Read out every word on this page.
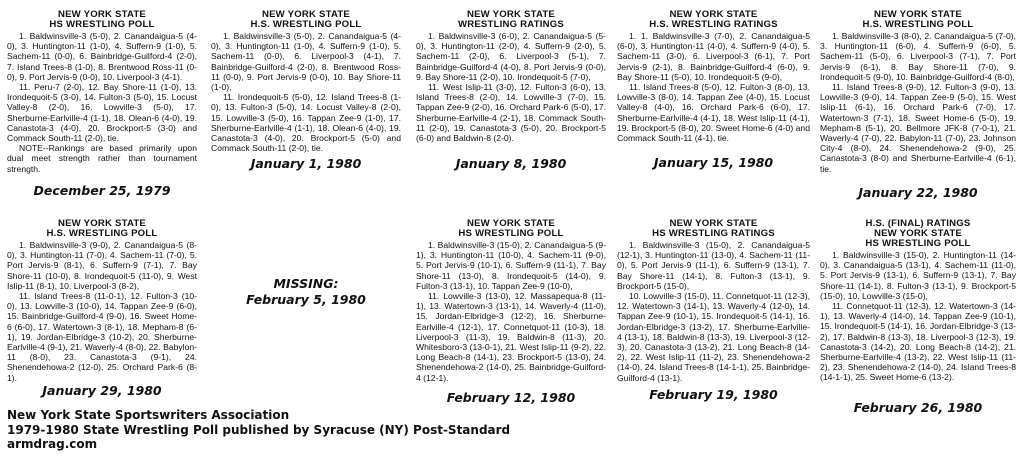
NEW YORK STATE
HS WRESTLING POLL

1. Baldwinsville-3 (5-0), 2. Canandaigua-5 (4-0), 3. Huntington-11 (1-0), 4. Suffern-9 (1-0), 5. Sachem-11 (0-0), 6. Bainbridge-Guilford-4 (2-0), 7. Island Trees-8 (1-0), 8. Brentwood Ross-11 (0-0), 9. Port Jervis-9 (0-0), 10. Liverpool-3 (4-1).

11. Peru-7 (2-0), 12. Bay Shore-11 (1-0), 13. Irondequoit-5 (3-0), 14. Fulton-3 (5-0), 15. Locust Valley-8 (2-0), 16. Lowville-3 (5-0), 17. Sherburne-Earlville-4 (1-1), 18. Olean-6 (4-0), 19. Canastota-3 (4-0), 20. Brockport-5 (3-0) and Commack South-11 (2-0), tie.

NOTE--Rankings are based primarily upon dual meet strength rather than tournament strength.

December 25, 1979
NEW YORK STATE
H.S. WRESTLING POLL

1. Baldwinsville-3 (5-0), 2. Canandaigua-5 (4-0), 3. Huntington-11 (1-0), 4. Suffern-9 (1-0), 5. Sachem-11 (0-0), 6. Liverpool-3 (4-1), 7. Bainbridge-Guilford-4 (2-0), 8. Brentwood Ross-11 (0-0), 9. Port Jervis-9 (0-0), 10. Bay Shore-11 (1-0),

11. Irondequoit-5 (5-0), 12. Island Trees-8 (1-0), 13. Fulton-3 (5-0), 14. Locust Valley-8 (2-0), 15. Lowville-3 (5-0), 16. Tappan Zee-9 (1-0), 17. Sherburne-Earlville-4 (1-1), 18. Olean-6 (4-0), 19. Canastota-3 (4-0), 20. Brockport-5 (5-0) and Commack South-11 (2-0), tie.

January 1, 1980
NEW YORK STATE
WRESTLING RATINGS

1. Baldwinsville-3 (6-0), 2. Canandaigua-5 (5-0), 3. Huntington-11 (2-0), 4. Suffern-9 (2-0), 5. Sachem-11 (2-0), 6. Liverpool-3 (5-1), 7. Bainbridge-Guilford-4 (4-0), 8. Port Jervis-9 (0-0), 9. Bay Shore-11 (2-0), 10. Irondequoit-5 (7-0),

11. West Islip-11 (3-0), 12. Fulton-3 (6-0), 13. Island Trees-8 (2-0), 14. Lowville-3 (7-0), 15. Tappan Zee-9 (2-0), 16. Orchard Park-6 (5-0), 17. Sherburne-Earlville-4 (2-1), 18. Commack South-11 (2-0), 19. Canastota-3 (5-0), 20. Brockport-5 (6-0) and Baldwin-8 (2-0).

January 8, 1980
NEW YORK STATE
H.S. WRESTLING RATINGS

1. 1. Baldwinsville-3 (7-0), 2. Canandaigua-5 (6-0), 3. Huntington-11 (4-0), 4. Suffern-9 (4-0), 5. Sachem-11 (3-0), 6. Liverpool-3 (6-1), 7. Port Jervis-9 (2-1), 8. Bainbridge-Guilford-4 (6-0), 9. Bay Shore-11 (5-0), 10. Irondequoit-5 (9-0),

11. Island Trees-8 (5-0), 12. Fulton-3 (8-0), 13. Lowville-3 (8-0), 14. Tappan Zee (4-0), 15. Locust Valley-8 (4-0), 16. Orchard Park-6 (6-0), 17. Sherburne-Earlville-4 (4-1), 18. West Islip-11 (4-1), 19. Brockport-5 (8-0), 20. Sweet Home-6 (4-0) and Commack South-11 (4-1), tie.

January 15, 1980
NEW YORK STATE
H.S. WRESTLING POLL

1. Baldwinsville-3 (8-0), 2. Canandaigua-5 (7-0), 3. Huntington-11 (6-0), 4. Suffern-9 (6-0), 5. Sachem-11 (5-0), 6. Liverpool-3 (7-1), 7. Port Jervis-9 (6-1), 8. Bay Shore-11 (7-0), 9. Irondequoit-5 (9-0), 10. Bainbridge-Guilford-4 (8-0),

11. Island Trees-8 (9-0), 12. Fulton-3 (9-0), 13. Lowville-3 (9-0), 14. Tappan Zee-9 (5-0), 15. West Islip-11 (6-1), 16. Orchard Park-6 (7-0), 17. Watertown-3 (7-1), 18. Sweet Home-6 (5-0), 19. Mepham-8 (5-1), 20. Bellmore JFK-8 (7-0-1), 21. Waverly-4 (7-0), 22. Babylon-11 (7-0), 23. Johnson City-4 (8-0), 24. Shenendehowa-2 (9-0), 25. Canastota-3 (8-0) and Sherburne-Earlville-4 (6-1), tie.

January 22, 1980
NEW YORK STATE
H.S. WRESTLING POLL

1. Baldwinsville-3 (9-0), 2. Canandaigua-5 (8-0), 3. Huntington-11 (7-0), 4. Sachem-11 (7-0), 5. Port Jervis-9 (8-1), 6. Suffern-9 (7-1), 7. Bay Shore-11 (10-0), 8. Irondequoit-5 (11-0), 9. West Islip-11 (8-1), 10. Liverpool-3 (8-2),

11. Island Trees-8 (11-0-1), 12. Fulton-3 (10-0), 13. Lowville-3 (10-0), 14. Tappan Zee-9 (6-0), 15. Bainbridge-Guilford-4 (9-0), 16. Sweet Home-6 (6-0), 17. Watertown-3 (8-1), 18. Mepham-8 (6-1), 19. Jordan-Elbridge-3 (10-2), 20. Sherburne-Earlville-4 (9-1), 21. Waverly-4 (8-0), 22. Babylon-11 (8-0), 23. Canastota-3 (9-1), 24. Shenendehowa-2 (12-0), 25. Orchard Park-6 (8-1).

January 29, 1980
MISSING:
February 5, 1980
NEW YORK STATE
HS WRESTLING POLL

1. Baldwinsville-3 (15-0), 2. Canandaigua-5 (9-1), 3. Huntington-11 (10-0), 4. Sachem-11 (9-0), 5. Port Jervis-9 (10-1), 6. Suffern-9 (11-1), 7. Bay Shore-11 (13-0), 8. Irondequoit-5 (14-0), 9. Fulton-3 (13-1), 10. Tappan Zee-9 (10-0),

11. Lowville-3 (13-0), 12. Massapequa-8 (11-1), 13. Watertown-3 (13-1), 14. Waverly-4 (11-0), 15. Jordan-Elbridge-3 (12-2), 16. Sherburne-Earlville-4 (12-1), 17. Connetquot-11 (10-3), 18. Liverpool-3 (11-3), 19. Baldwin-8 (11-3), 20. Whitesboro-3 (13-0-1), 21. West Islip-11 (9-2), 22. Long Beach-8 (14-1), 23. Brockport-5 (13-0), 24. Shenendehowa-2 (14-0), 25. Bainbridge-Guilford-4 (12-1).

February 12, 1980
NEW YORK STATE
HS WRESTLING RATINGS

1. Baldwinsville-3 (15-0), 2. Canandaigua-5 (12-1), 3. Huntington-11 (13-0), 4. Sachem-11 (11-0), 5. Port Jervis-9 (11-1), 6. Suffern-9 (13-1), 7. Bay Shore-11 (14-1), 8. Fulton-3 (13-1), 9. Brockport-5 (15-0),

10. Lowville-3 (15-0), 11. Connetquot-11 (12-3), 12. Watertown-3 (14-1), 13. Waverly-4 (12-0), 14. Tappan Zee-9 (10-1), 15. Irondequoit-5 (14-1), 16. Jordan-Elbridge-3 (13-2), 17. Sherburne-Earlville-4 (13-1), 18. Baldwin-8 (13-3), 19. Liverpool-3 (12-3), 20. Canastota-3 (13-2), 21. Long Beach-8 (14-2), 22. West Islip-11 (11-2), 23. Shenendehowa-2 (14-0), 24. Island Trees-8 (14-1-1), 25. Bainbridge-Guilford-4 (13-1).

February 19, 1980
H.S. (FINAL) RATINGS
NEW YORK STATE
HS WRESTLING POLL

1. Baldwinsville-3 (15-0), 2. Huntington-11 (14-0), 3. Canandaigua-5 (13-1), 4. Sachem-11 (11-0), 5. Port Jervis-9 (13-1), 6. Suffern-9 (13-1), 7. Bay Shore-11 (14-1), 8. Fulton-3 (13-1), 9. Brockport-5 (15-0), 10. Lowville-3 (15-0),

11. Connetquot-11 (12-3), 12. Watertown-3 (14-1), 13. Waverly-4 (14-0), 14. Tappan Zee-9 (10-1), 15. Irondequoit-5 (14-1), 16. Jordan-Elbridge-3 (13-2), 17. Baldwin-8 (13-3), 18. Liverpool-3 (12-3), 19. Canastota-3 (14-2), 20. Long Beach-8 (14-2), 21. Sherburne-Earlville-4 (13-2), 22. West Islip-11 (11-2), 23. Shenendehowa-2 (14-0), 24. Island Trees-8 (14-1-1), 25. Sweet Home-6 (13-2).

February 26, 1980
New York State Sportswriters Association
1979-1980 State Wrestling Poll published by Syracuse (NY) Post-Standard
armdrag.com
